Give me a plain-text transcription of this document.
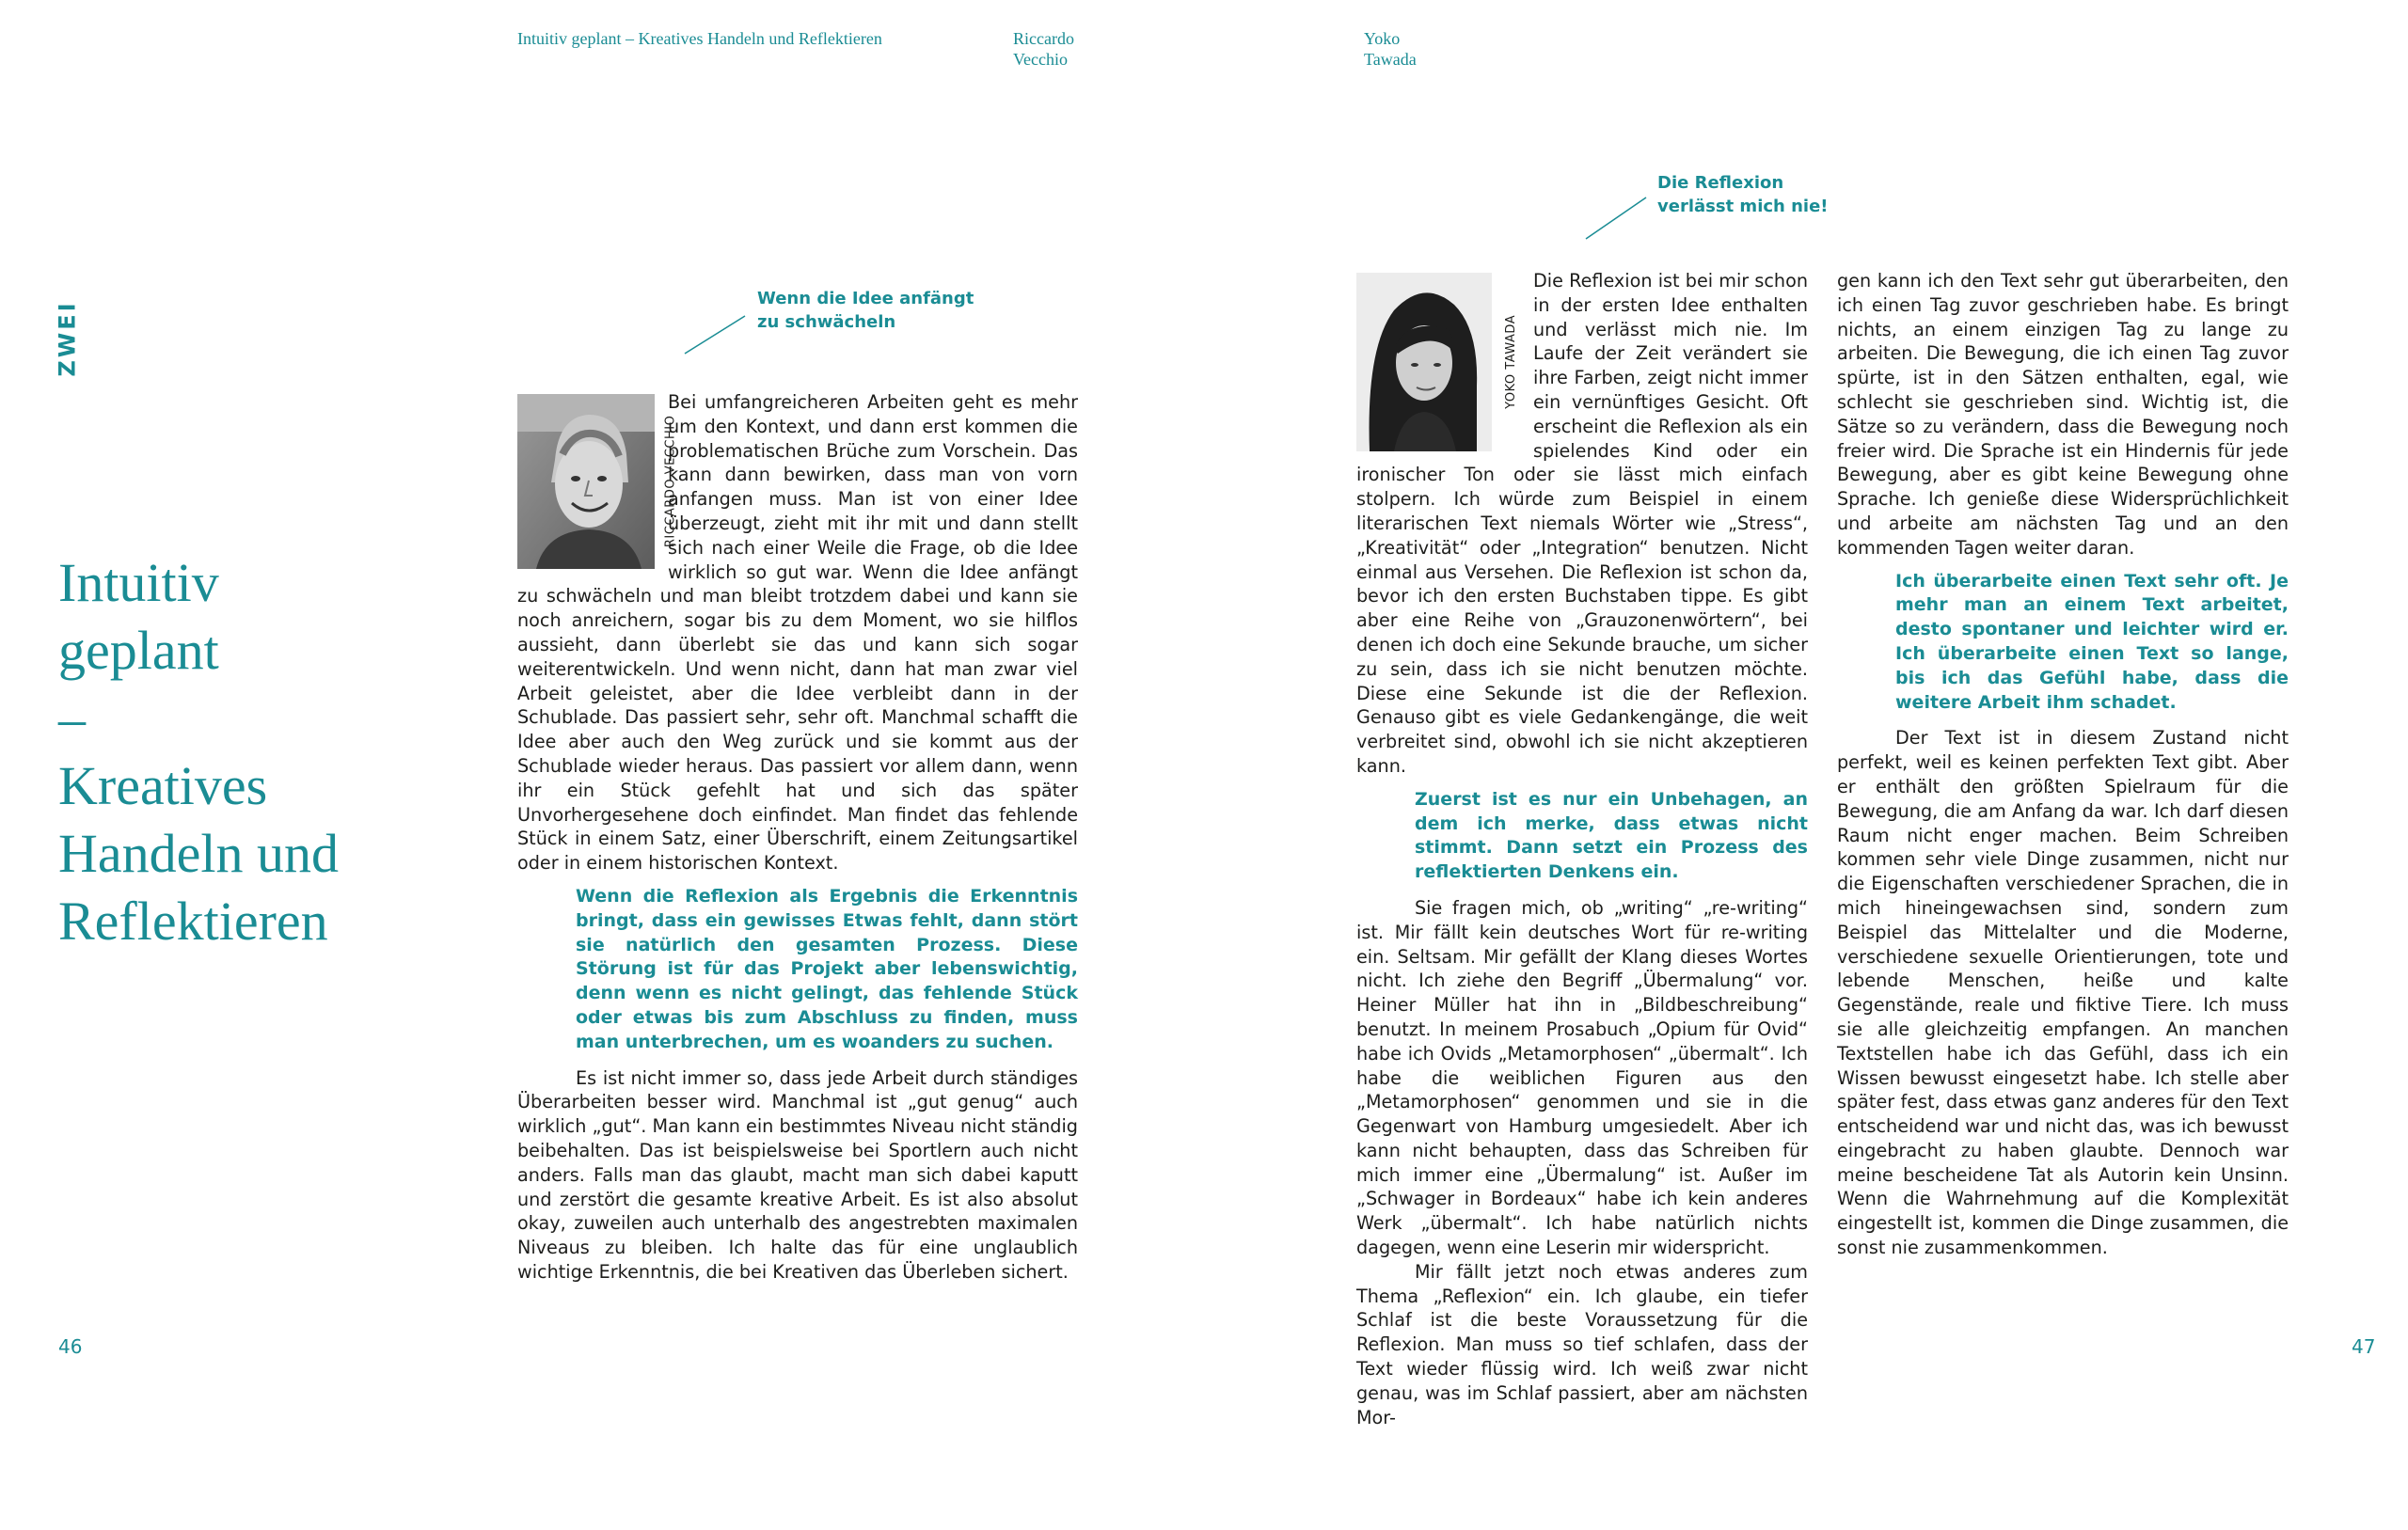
Intuitiv geplant – Kreatives Handeln und Reflektieren	Riccardo
Vecchio
Yoko
Tawada
ZWEI
Intuitiv
geplant
–
Kreatives
Handeln und
Reflektieren
46	47
Wenn die Idee anfängt
zu schwächeln
Die Reflexion
verlässt mich nie!
RICCARDO VECCHIO

Bei umfangreicheren Arbeiten geht es mehr um den Kontext, und dann erst kommen die problematischen Brüche zum Vorschein. Das kann dann bewirken, dass man von vorn anfangen muss. Man ist von einer Idee überzeugt, zieht mit ihr mit und dann stellt sich nach einer Weile die Frage, ob die Idee wirklich so gut war. Wenn die Idee anfängt zu schwächeln und man bleibt trotzdem dabei und kann sie noch anreichern, sogar bis zu dem Moment, wo sie hilflos aussieht, dann überlebt sie das und kann sich sogar weiterentwickeln. Und wenn nicht, dann hat man zwar viel Arbeit geleistet, aber die Idee verbleibt dann in der Schublade. Das passiert sehr, sehr oft. Manchmal schafft die Idee aber auch den Weg zurück und sie kommt aus der Schublade wieder heraus. Das passiert vor allem dann, wenn ihr ein Stück gefehlt hat und sich das später Unvorhergesehene doch einfindet. Man findet das fehlende Stück in einem Satz, einer Überschrift, einem Zeitungsartikel oder in einem historischen Kontext.

Wenn die Reflexion als Ergebnis die Erkenntnis bringt, dass ein gewisses Etwas fehlt, dann stört sie natürlich den gesamten Prozess. Diese Störung ist für das Projekt aber lebenswichtig, denn wenn es nicht gelingt, das fehlende Stück oder etwas bis zum Abschluss zu finden, muss man unterbrechen, um es woanders zu suchen.

Es ist nicht immer so, dass jede Arbeit durch ständiges Überarbeiten besser wird. Manchmal ist „gut genug“ auch wirklich „gut“. Man kann ein bestimmtes Niveau nicht ständig beibehalten. Das ist beispielsweise bei Sportlern auch nicht anders. Falls man das glaubt, macht man sich dabei kaputt und zerstört die gesamte kreative Arbeit. Es ist also absolut okay, zuweilen auch unterhalb des angestrebten maximalen Niveaus zu bleiben. Ich halte das für eine unglaublich wichtige Erkenntnis, die bei Kreativen das Überleben sichert.

YOKO TAWADA

Die Reflexion ist bei mir schon in der ersten Idee enthalten und verlässt mich nie. Im Laufe der Zeit verändert sie ihre Farben, zeigt nicht immer ein vernünftiges Gesicht. Oft erscheint die Reflexion als ein spielendes Kind oder ein ironischer Ton oder sie lässt mich einfach stolpern. Ich würde zum Beispiel in einem literarischen Text niemals Wörter wie „Stress“, „Kreativität“ oder „Integration“ benutzen. Nicht einmal aus Versehen. Die Reflexion ist schon da, bevor ich den ersten Buchstaben tippe. Es gibt aber eine Reihe von „Grauzonenwörtern“, bei denen ich doch eine Sekunde brauche, um sicher zu sein, dass ich sie nicht benutzen möchte. Diese eine Sekunde ist die der Reflexion. Genauso gibt es viele Gedankengänge, die weit verbreitet sind, obwohl ich sie nicht akzeptieren kann.

Zuerst ist es nur ein Unbehagen, an dem ich merke, dass etwas nicht stimmt. Dann setzt ein Prozess des reflektierten Denkens ein.

Sie fragen mich, ob „writing“ „re-writing“ ist. Mir fällt kein deutsches Wort für re-writing ein. Seltsam. Mir gefällt der Klang dieses Wortes nicht. Ich ziehe den Begriff „Übermalung“ vor. Heiner Müller hat ihn in „Bildbeschreibung“ benutzt. In meinem Prosabuch „Opium für Ovid“ habe ich Ovids „Metamorphosen“ „übermalt“. Ich habe die weiblichen Figuren aus den „Metamorphosen“ genommen und sie in die Gegenwart von Hamburg umgesiedelt. Aber ich kann nicht behaupten, dass das Schreiben für mich immer eine „Übermalung“ ist. Außer im „Schwager in Bordeaux“ habe ich kein anderes Werk „übermalt“. Ich habe natürlich nichts dagegen, wenn eine Leserin mir widerspricht.

Mir fällt jetzt noch etwas anderes zum Thema „Reflexion“ ein. Ich glaube, ein tiefer Schlaf ist die beste Voraussetzung für die Reflexion. Man muss so tief schlafen, dass der Text wieder flüssig wird. Ich weiß zwar nicht genau, was im Schlaf passiert, aber am nächsten Mor-

gen kann ich den Text sehr gut überarbeiten, den ich einen Tag zuvor geschrieben habe. Es bringt nichts, an einem einzigen Tag zu lange zu arbeiten. Die Bewegung, die ich einen Tag zuvor spürte, ist in den Sätzen enthalten, egal, wie schlecht sie geschrieben sind. Wichtig ist, die Sätze so zu verändern, dass die Bewegung noch freier wird. Die Sprache ist ein Hindernis für jede Bewegung, aber es gibt keine Bewegung ohne Sprache. Ich genieße diese Widersprüchlichkeit und arbeite am nächsten Tag und an den kommenden Tagen weiter daran.

Ich überarbeite einen Text sehr oft. Je mehr man an einem Text arbeitet, desto spontaner und leichter wird er. Ich überarbeite einen Text so lange, bis ich das Gefühl habe, dass die weitere Arbeit ihm schadet.

Der Text ist in diesem Zustand nicht perfekt, weil es keinen perfekten Text gibt. Aber er enthält den größten Spielraum für die Bewegung, die am Anfang da war. Ich darf diesen Raum nicht enger machen. Beim Schreiben kommen sehr viele Dinge zusammen, nicht nur die Eigenschaften verschiedener Sprachen, die in mich hineingewachsen sind, sondern zum Beispiel das Mittelalter und die Moderne, verschiedene sexuelle Orientierungen, tote und lebende Menschen, heiße und kalte Gegenstände, reale und fiktive Tiere. Ich muss sie alle gleichzeitig empfangen. An manchen Textstellen habe ich das Gefühl, dass ich ein Wissen bewusst eingesetzt habe. Ich stelle aber später fest, dass etwas ganz anderes für den Text entscheidend war und nicht das, was ich bewusst eingebracht zu haben glaubte. Dennoch war meine bescheidene Tat als Autorin kein Unsinn. Wenn die Wahrnehmung auf die Komplexität eingestellt ist, kommen die Dinge zusammen, die sonst nie zusammenkommen.
